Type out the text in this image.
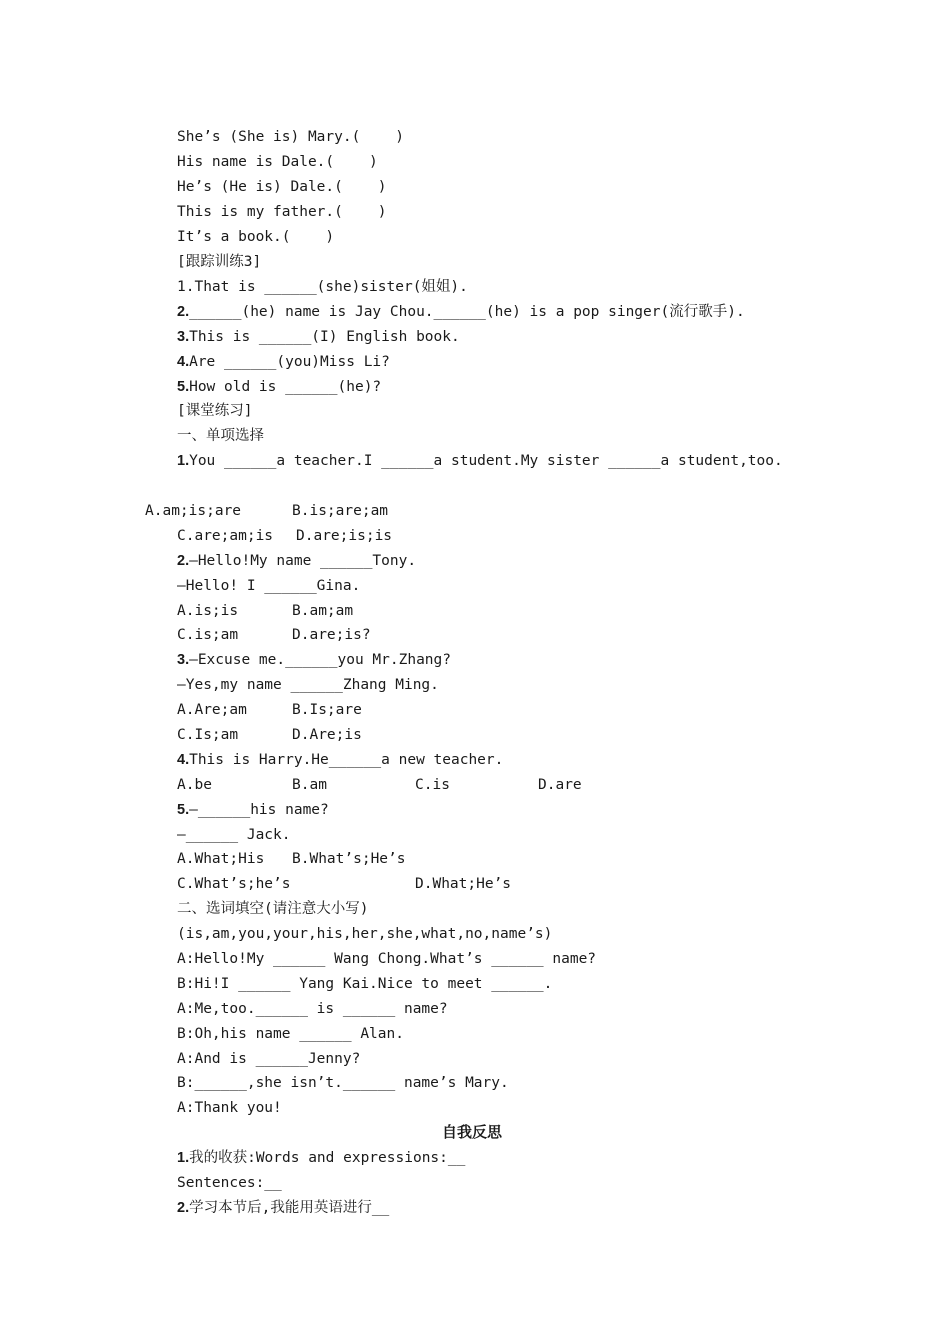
She’s (She is) Mary.(    )
His name is Dale.(    )
He’s (He is) Dale.(    )
This is my father.(    )
It’s a book.(    )
[跟踪训练3]
1.That is ______(she)sister(姐姐).
2.______(he) name is Jay Chou.______(he) is a pop singer(流行歌手).
3.This is ______(I) English book.
4.Are ______(you)Miss Li?
5.How old is ______(he)?
[课堂练习]
一、单项选择
1.You ______a teacher.I ______a student.My sister ______a student,too.
A.am;is;are	B.is;are;am
C.are;am;is D.are;is;is
2.—Hello!My name ______Tony.
—Hello! I ______Gina.
A.is;is	B.am;am
C.is;am	D.are;is?
3.—Excuse me.______you Mr.Zhang?
—Yes,my name ______Zhang Ming.
A.Are;am	B.Is;are
C.Is;am	D.Are;is
4.This is Harry.He______a new teacher.
A.be	B.am	C.is	D.are
5.—______his name?
—______ Jack.
A.What;His B.What’s;He’s
C.What’s;he’s	D.What;He’s
二、选词填空(请注意大小写)
(is,am,you,your,his,her,she,what,no,name’s)
A:Hello!My ______ Wang Chong.What’s ______ name?
B:Hi!I ______ Yang Kai.Nice to meet ______.
A:Me,too.______ is ______ name?
B:Oh,his name ______ Alan.
A:And is ______Jenny?
B:______,she isn’t.______ name’s Mary.
A:Thank you!
自我反思
1.我的收获:Words and expressions:__
Sentences:__
2.学习本节后,我能用英语进行__
